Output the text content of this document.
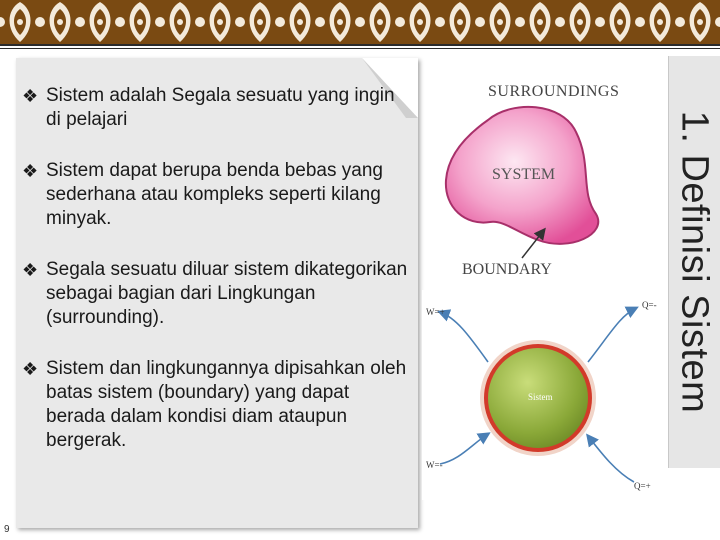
❖ Sistem adalah Segala sesuatu yang ingin di pelajari
❖ Sistem dapat berupa benda bebas yang sederhana atau kompleks seperti kilang minyak.
❖ Segala sesuatu diluar sistem dikategorikan sebagai bagian dari Lingkungan (surrounding).
❖ Sistem dan lingkungannya dipisahkan oleh batas sistem (boundary) yang dapat berada dalam kondisi diam ataupun bergerak.
9
SURROUNDINGS
SYSTEM
BOUNDARY
Sistem
W=+
W=-
Q=-
Q=+
1. Definisi Sistem
